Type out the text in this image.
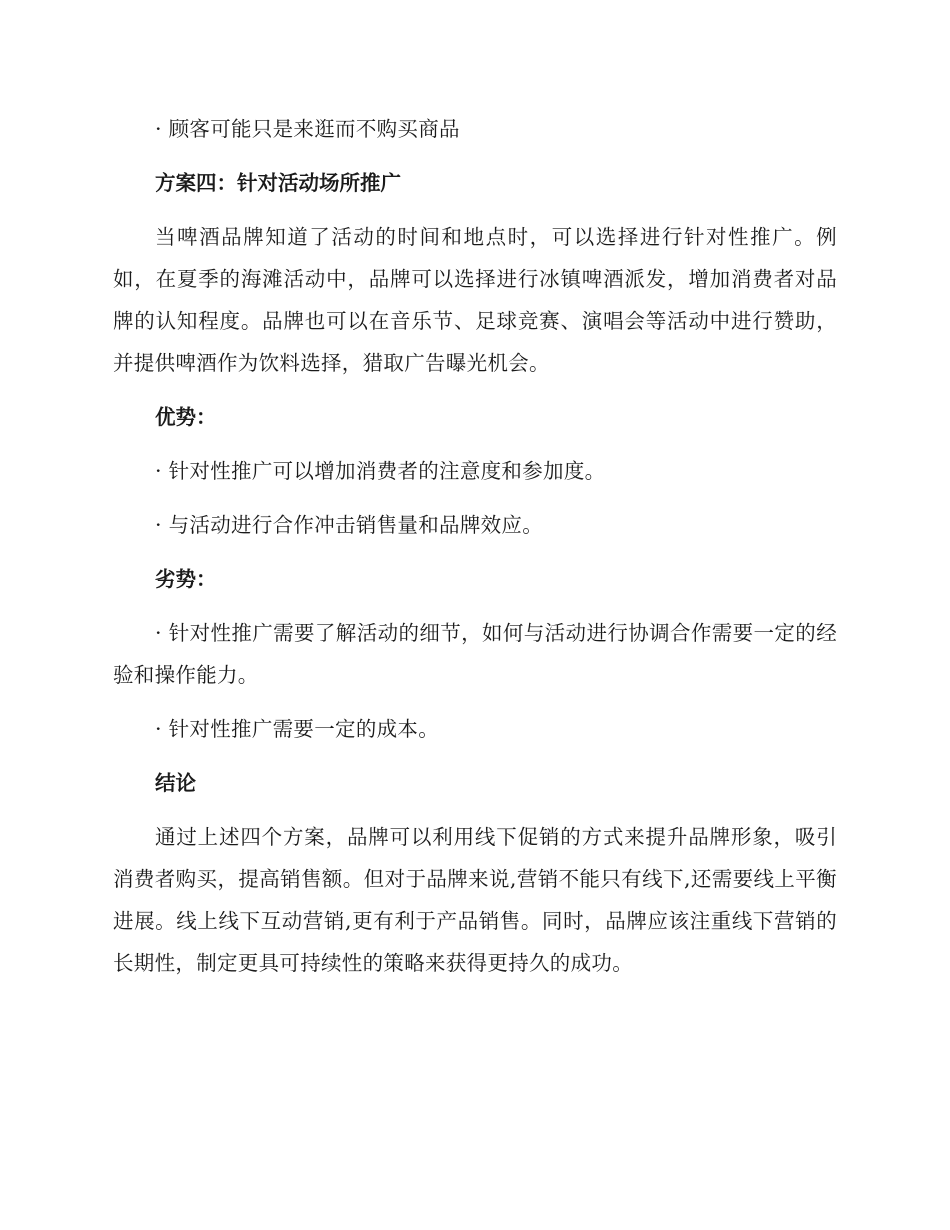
· 顾客可能只是来逛而不购买商品

方案四：针对活动场所推广

当啤酒品牌知道了活动的时间和地点时，可以选择进行针对性推广。例如，在夏季的海滩活动中，品牌可以选择进行冰镇啤酒派发，增加消费者对品牌的认知程度。品牌也可以在音乐节、足球竞赛、演唱会等活动中进行赞助，并提供啤酒作为饮料选择，猎取广告曝光机会。

优势：

· 针对性推广可以增加消费者的注意度和参加度。

· 与活动进行合作冲击销售量和品牌效应。

劣势：

· 针对性推广需要了解活动的细节，如何与活动进行协调合作需要一定的经验和操作能力。

· 针对性推广需要一定的成本。

结论

通过上述四个方案，品牌可以利用线下促销的方式来提升品牌形象，吸引消费者购买，提高销售额。但对于品牌来说,营销不能只有线下,还需要线上平衡进展。线上线下互动营销,更有利于产品销售。同时，品牌应该注重线下营销的长期性，制定更具可持续性的策略来获得更持久的成功。
